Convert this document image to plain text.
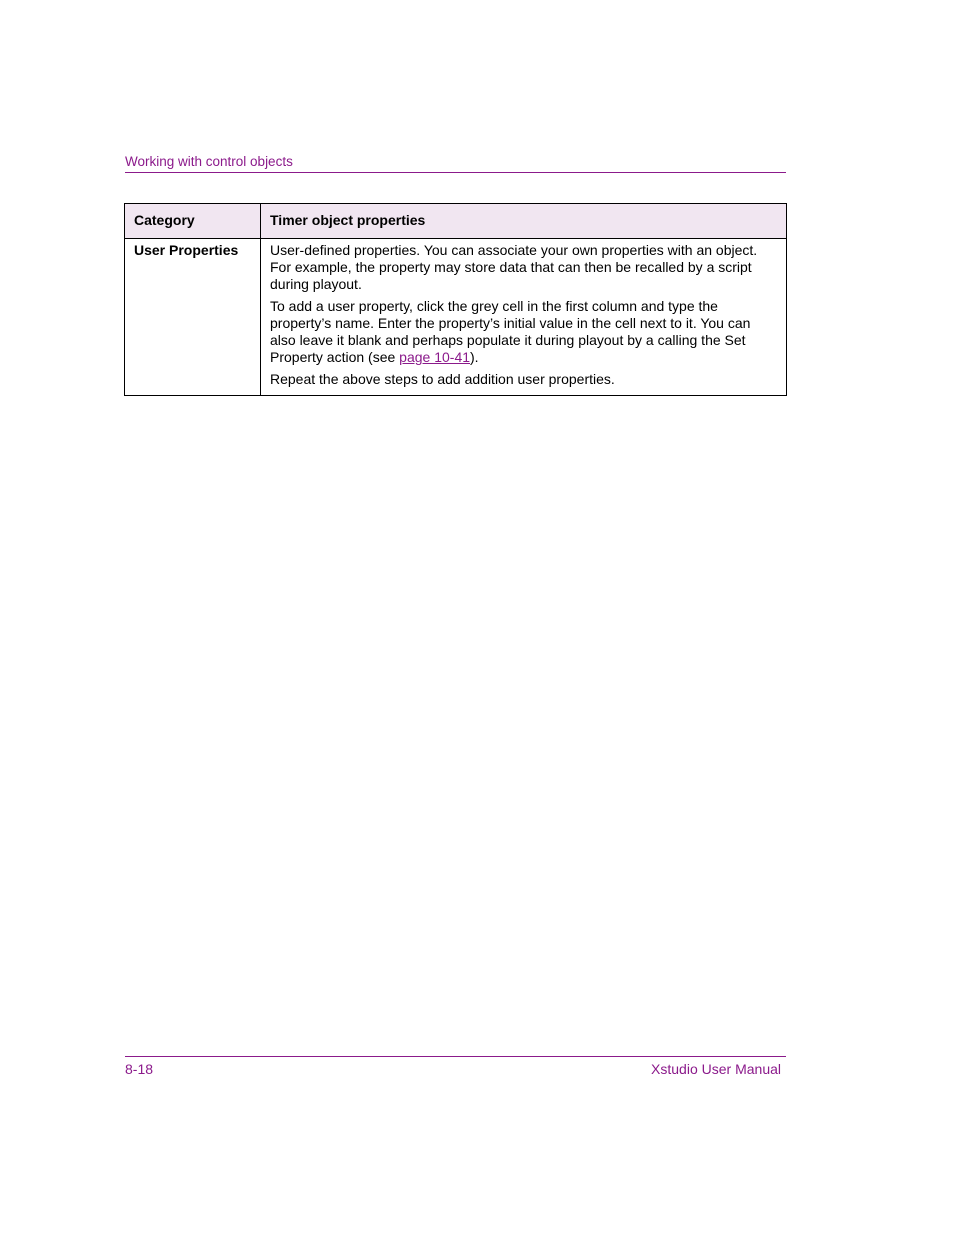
Working with control objects
Category	Timer object properties
User Properties	User-defined properties. You can associate your own properties with an object. For example, the property may store data that can then be recalled by a script during playout.

To add a user property, click the grey cell in the first column and type the property’s name. Enter the property’s initial value in the cell next to it. You can also leave it blank and perhaps populate it during playout by a calling the Set Property action (see page 10-41).

Repeat the above steps to add addition user properties.

8-18	Xstudio User Manual
